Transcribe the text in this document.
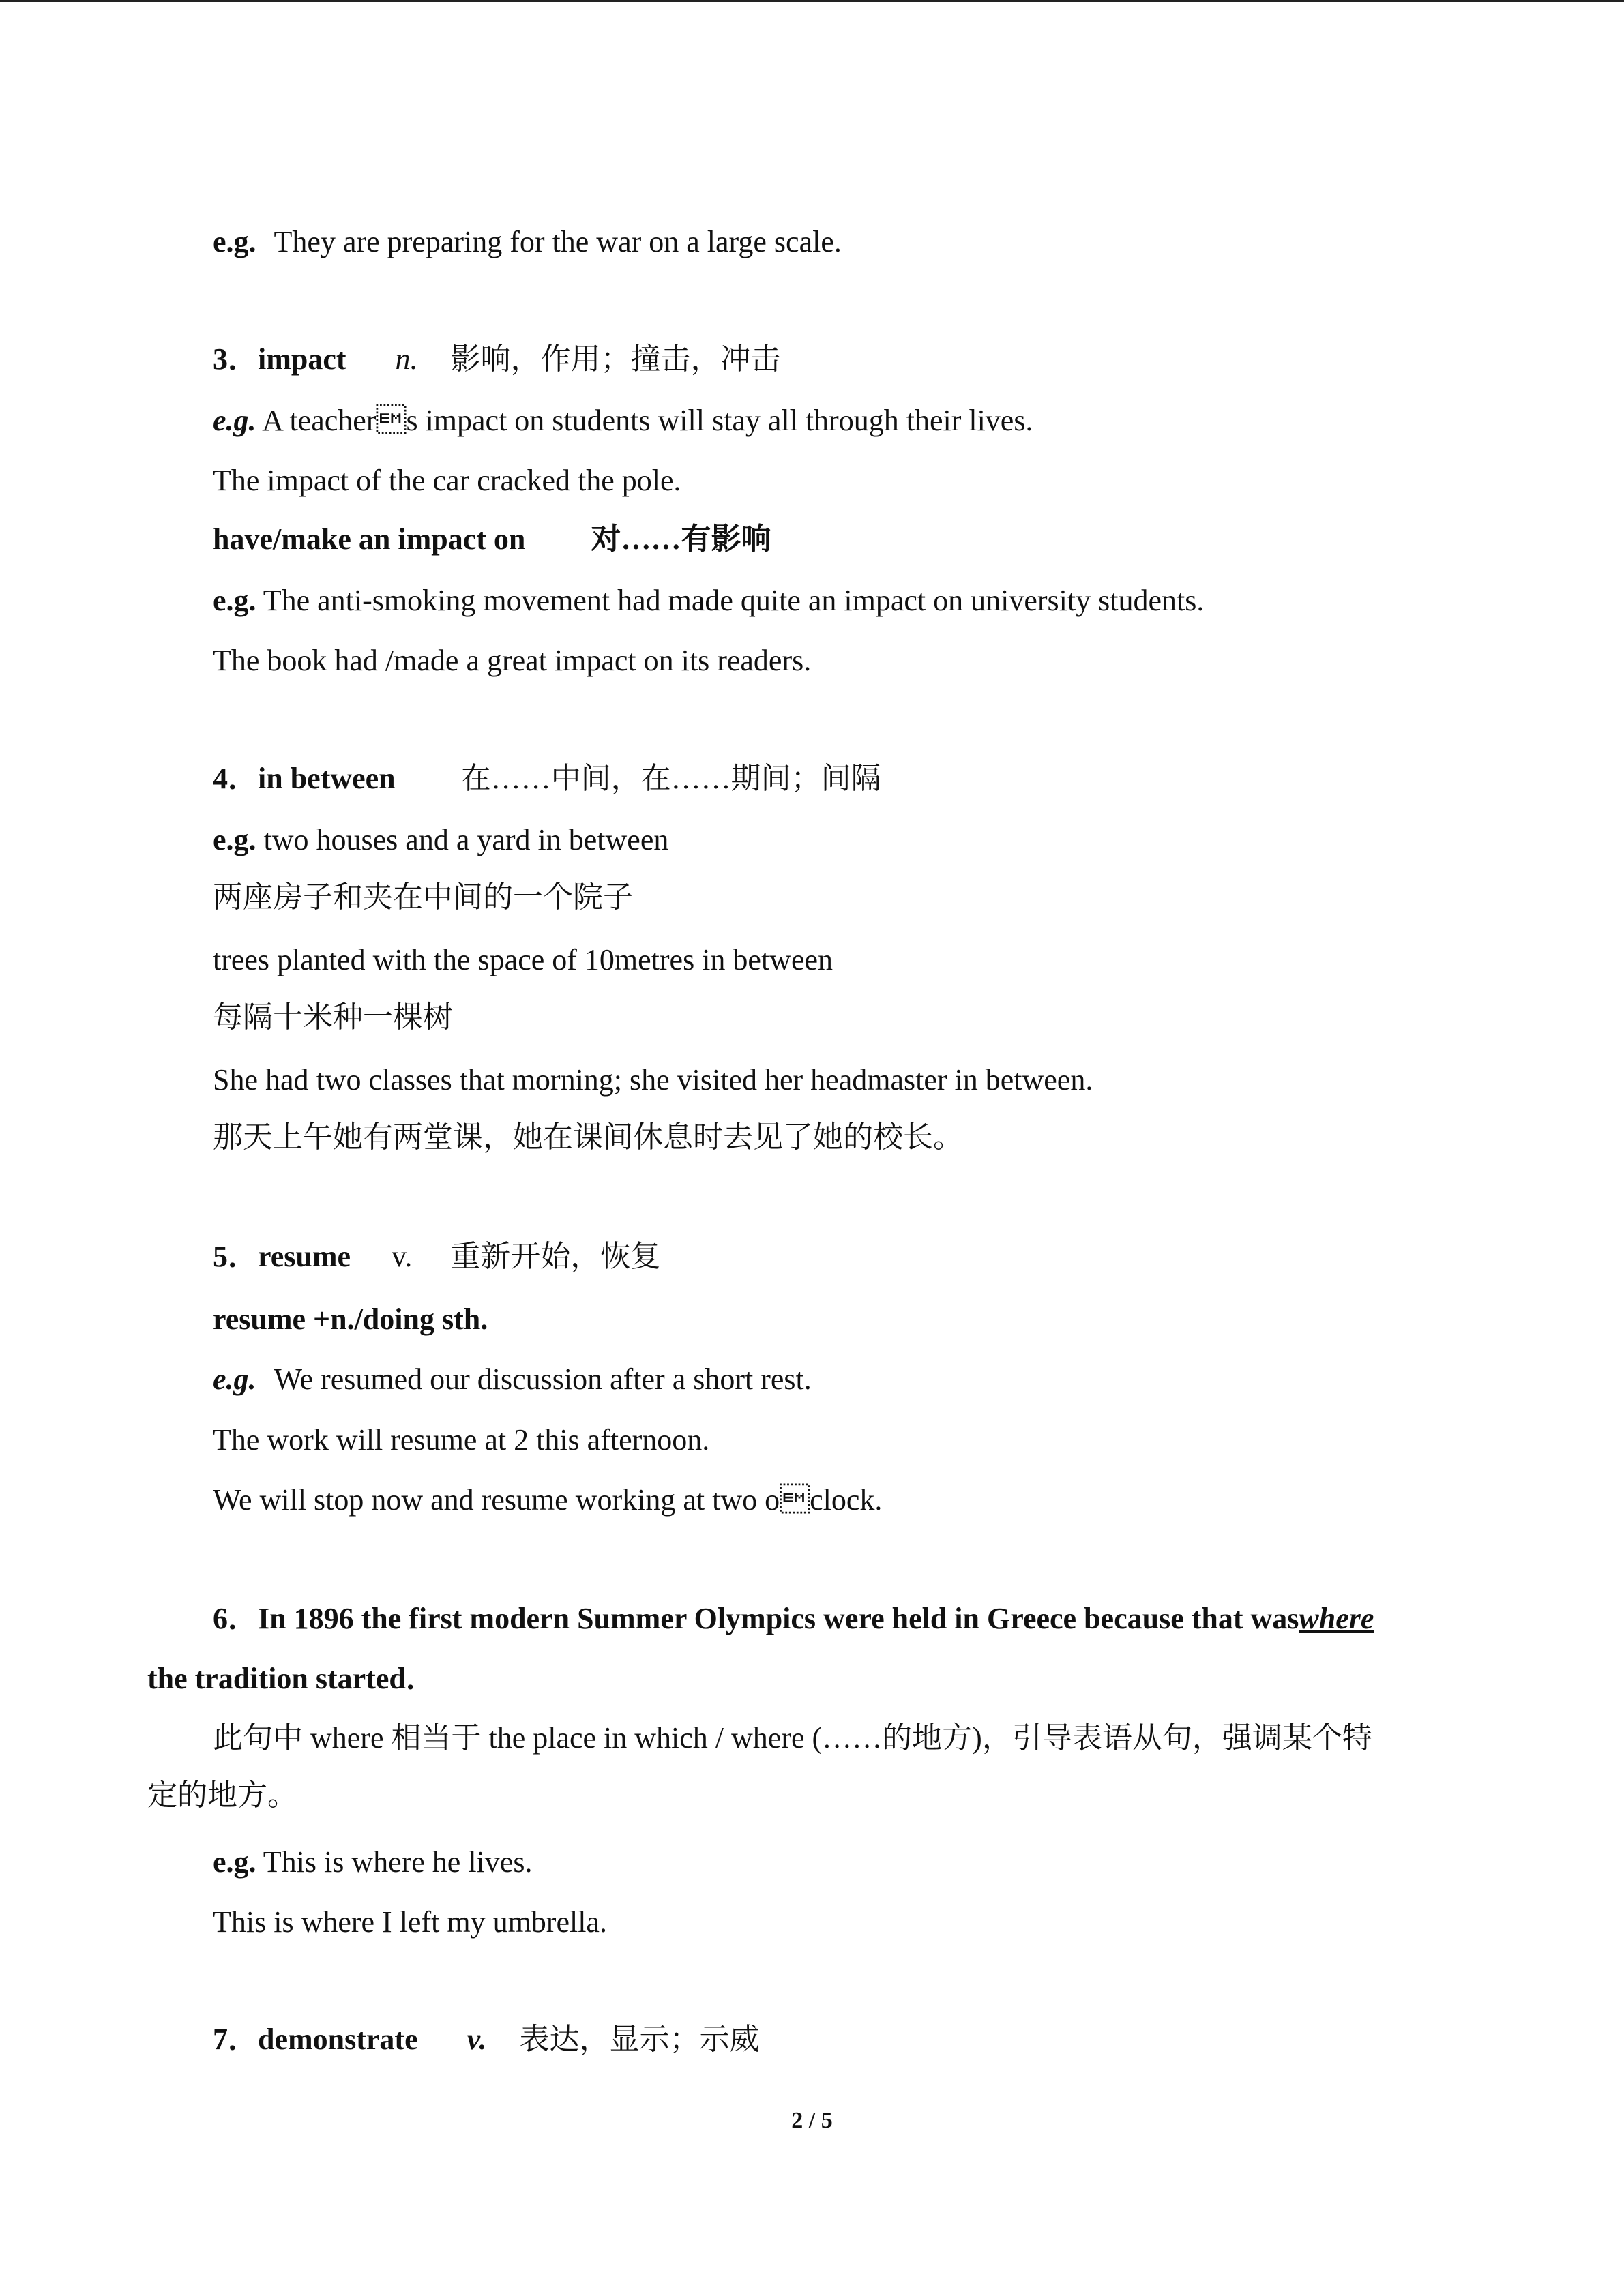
e.g. They are preparing for the war on a large scale.
3．impact n. 影响，作用；撞击，冲击
e.g. A teachers impact on students will stay all through their lives.
The impact of the car cracked the pole.
have/make an impact on 对……有影响
e.g. The anti-smoking movement had made quite an impact on university students.
The book had /made a great impact on its readers.
4．in between 在……中间，在……期间；间隔
e.g. two houses and a yard in between
两座房子和夹在中间的一个院子
trees planted with the space of 10metres in between
每隔十米种一棵树
She had two classes that morning; she visited her headmaster in between.
那天上午她有两堂课，她在课间休息时去见了她的校长。
5．resume v. 重新开始，恢复
resume +n./doing sth.
e.g. We resumed our discussion after a short rest.
The work will resume at 2 this afternoon.
We will stop now and resume working at two oclock.
6．In 1896 the first modern Summer Olympics were held in Greece because that waswhere
the tradition started．
此句中 where 相当于 the place in which / where (……的地方)，引导表语从句，强调某个特
定的地方。
e.g. This is where he lives.
This is where I left my umbrella.
7．demonstrate v. 表达，显示；示威
2 / 5
